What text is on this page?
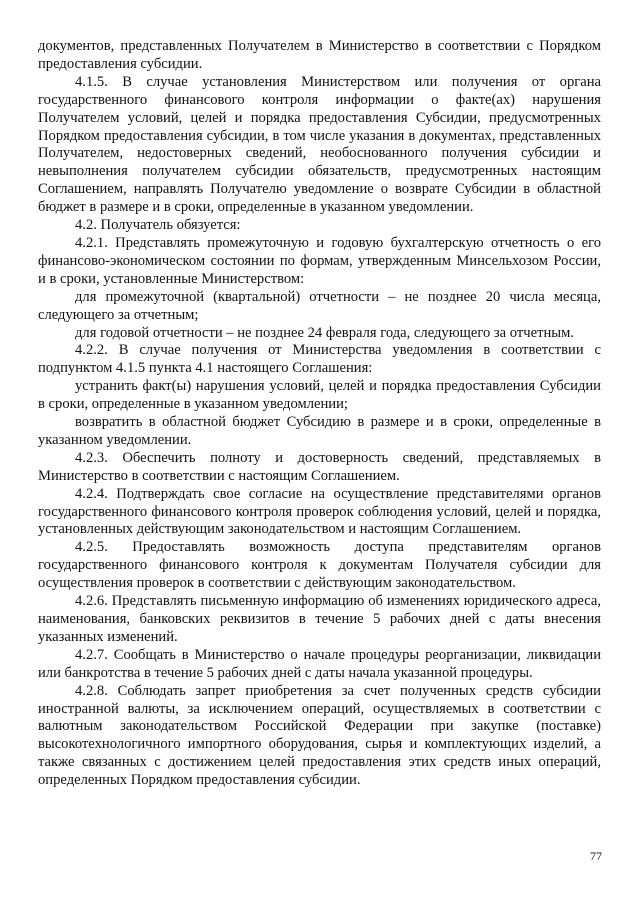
документов, представленных Получателем в Министерство в соответствии с Порядком предоставления субсидии.

4.1.5. В случае установления Министерством или получения от органа государственного финансового контроля информации о факте(ах) нарушения Получателем условий, целей и порядка предоставления Субсидии, предусмотренных Порядком предоставления субсидии, в том числе указания в документах, представленных Получателем, недостоверных сведений, необоснованного получения субсидии и невыполнения получателем субсидии обязательств, предусмотренных настоящим Соглашением, направлять Получателю уведомление о возврате Субсидии в областной бюджет в размере и в сроки, определенные в указанном уведомлении.

4.2. Получатель обязуется:

4.2.1. Представлять промежуточную и годовую бухгалтерскую отчетность о его финансово-экономическом состоянии по формам, утвержденным Минсельхозом России, и в сроки, установленные Министерством:

для промежуточной (квартальной) отчетности – не позднее 20 числа месяца, следующего за отчетным;

для годовой отчетности – не позднее 24 февраля года, следующего за отчетным.

4.2.2. В случае получения от Министерства уведомления в соответствии с подпунктом 4.1.5 пункта 4.1 настоящего Соглашения:

устранить факт(ы) нарушения условий, целей и порядка предоставления Субсидии в сроки, определенные в указанном уведомлении;

возвратить в областной бюджет Субсидию в размере и в сроки, определенные в указанном уведомлении.

4.2.3. Обеспечить полноту и достоверность сведений, представляемых в Министерство в соответствии с настоящим Соглашением.

4.2.4. Подтверждать свое согласие на осуществление представителями органов государственного финансового контроля проверок соблюдения условий, целей и порядка, установленных действующим законодательством и настоящим Соглашением.

4.2.5. Предоставлять возможность доступа представителям органов государственного финансового контроля к документам Получателя субсидии для осуществления проверок в соответствии с действующим законодательством.

4.2.6. Представлять письменную информацию об изменениях юридического адреса, наименования, банковских реквизитов в течение 5 рабочих дней с даты внесения указанных изменений.

4.2.7. Сообщать в Министерство о начале процедуры реорганизации, ликвидации или банкротства в течение 5 рабочих дней с даты начала указанной процедуры.

4.2.8. Соблюдать запрет приобретения за счет полученных средств субсидии иностранной валюты, за исключением операций, осуществляемых в соответствии с валютным законодательством Российской Федерации при закупке (поставке) высокотехнологичного импортного оборудования, сырья и комплектующих изделий, а также связанных с достижением целей предоставления этих средств иных операций, определенных Порядком предоставления субсидии.

77
